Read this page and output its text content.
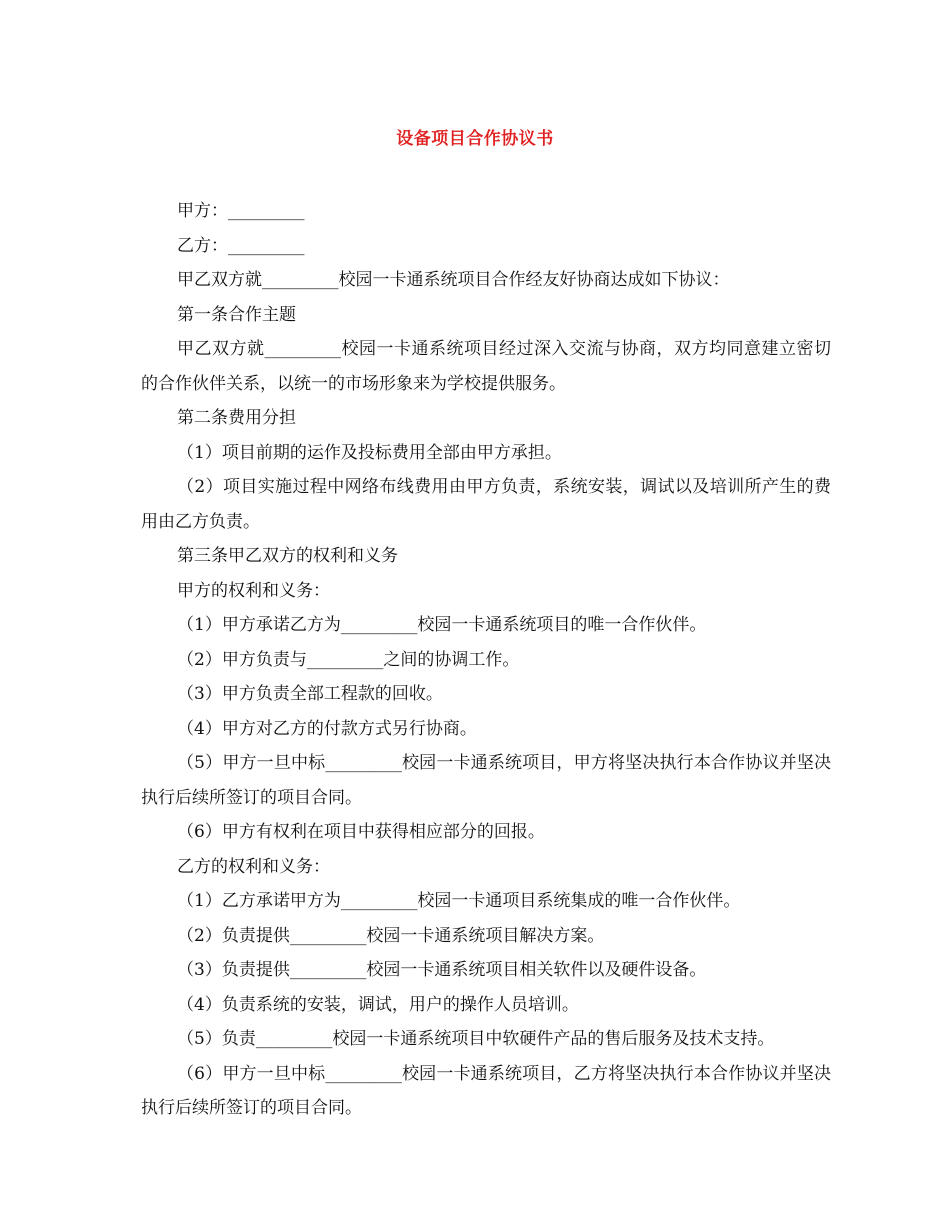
设备项目合作协议书

甲方：_________

乙方：_________

甲乙双方就_________校园一卡通系统项目合作经友好协商达成如下协议：

第一条合作主题

甲乙双方就_________校园一卡通系统项目经过深入交流与协商，双方均同意建立密切的合作伙伴关系，以统一的市场形象来为学校提供服务。

第二条费用分担

（1）项目前期的运作及投标费用全部由甲方承担。

（2）项目实施过程中网络布线费用由甲方负责，系统安装，调试以及培训所产生的费用由乙方负责。

第三条甲乙双方的权利和义务

甲方的权利和义务：

（1）甲方承诺乙方为_________校园一卡通系统项目的唯一合作伙伴。

（2）甲方负责与_________之间的协调工作。

（3）甲方负责全部工程款的回收。

（4）甲方对乙方的付款方式另行协商。

（5）甲方一旦中标_________校园一卡通系统项目，甲方将坚决执行本合作协议并坚决执行后续所签订的项目合同。

（6）甲方有权利在项目中获得相应部分的回报。

乙方的权利和义务：

（1）乙方承诺甲方为_________校园一卡通项目系统集成的唯一合作伙伴。

（2）负责提供_________校园一卡通系统项目解决方案。

（3）负责提供_________校园一卡通系统项目相关软件以及硬件设备。

（4）负责系统的安装，调试，用户的操作人员培训。

（5）负责_________校园一卡通系统项目中软硬件产品的售后服务及技术支持。

（6）甲方一旦中标_________校园一卡通系统项目，乙方将坚决执行本合作协议并坚决执行后续所签订的项目合同。
